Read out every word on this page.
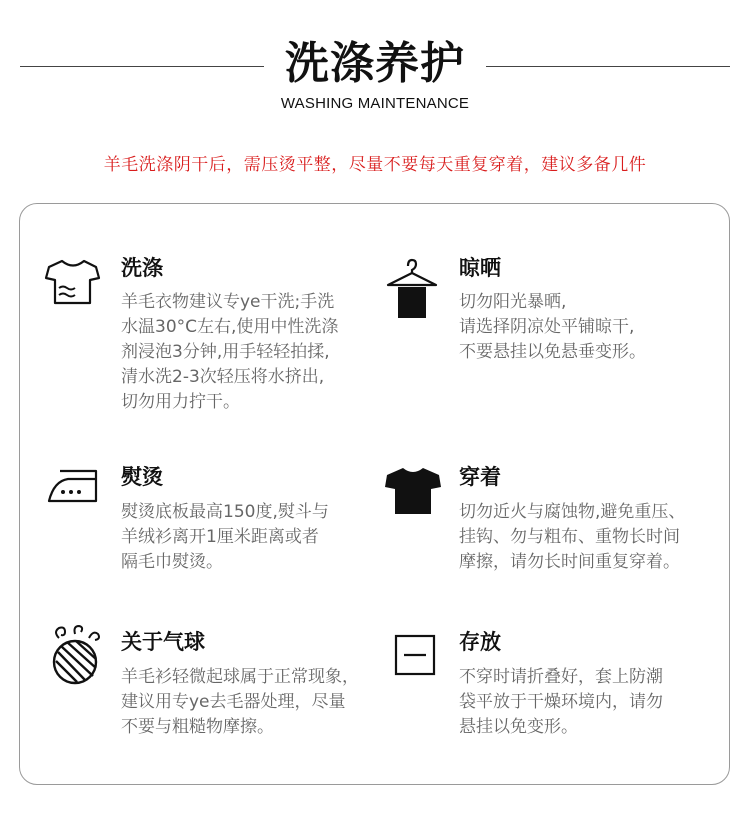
洗涤养护
WASHING MAINTENANCE
羊毛洗涤阴干后，需压烫平整，尽量不要每天重复穿着，建议多备几件
洗涤
羊毛衣物建议专ye干洗;手洗
水温30°C左右,使用中性洗涤
剂浸泡3分钟,用手轻轻拍揉,
清水洗2-3次轻压将水挤出,
切勿用力拧干。
晾晒
切勿阳光暴晒,
请选择阴凉处平铺晾干,
不要悬挂以免悬垂变形。
熨烫
熨烫底板最高150度,熨斗与
羊绒衫离开1厘米距离或者
隔毛巾熨烫。
穿着
切勿近火与腐蚀物,避免重压、
挂钩、勿与粗布、重物长时间
摩擦，请勿长时间重复穿着。
关于气球
羊毛衫轻微起球属于正常现象，
建议用专ye去毛器处理，尽量
不要与粗糙物摩擦。
存放
不穿时请折叠好，套上防潮
袋平放于干燥环境内，请勿
悬挂以免变形。
